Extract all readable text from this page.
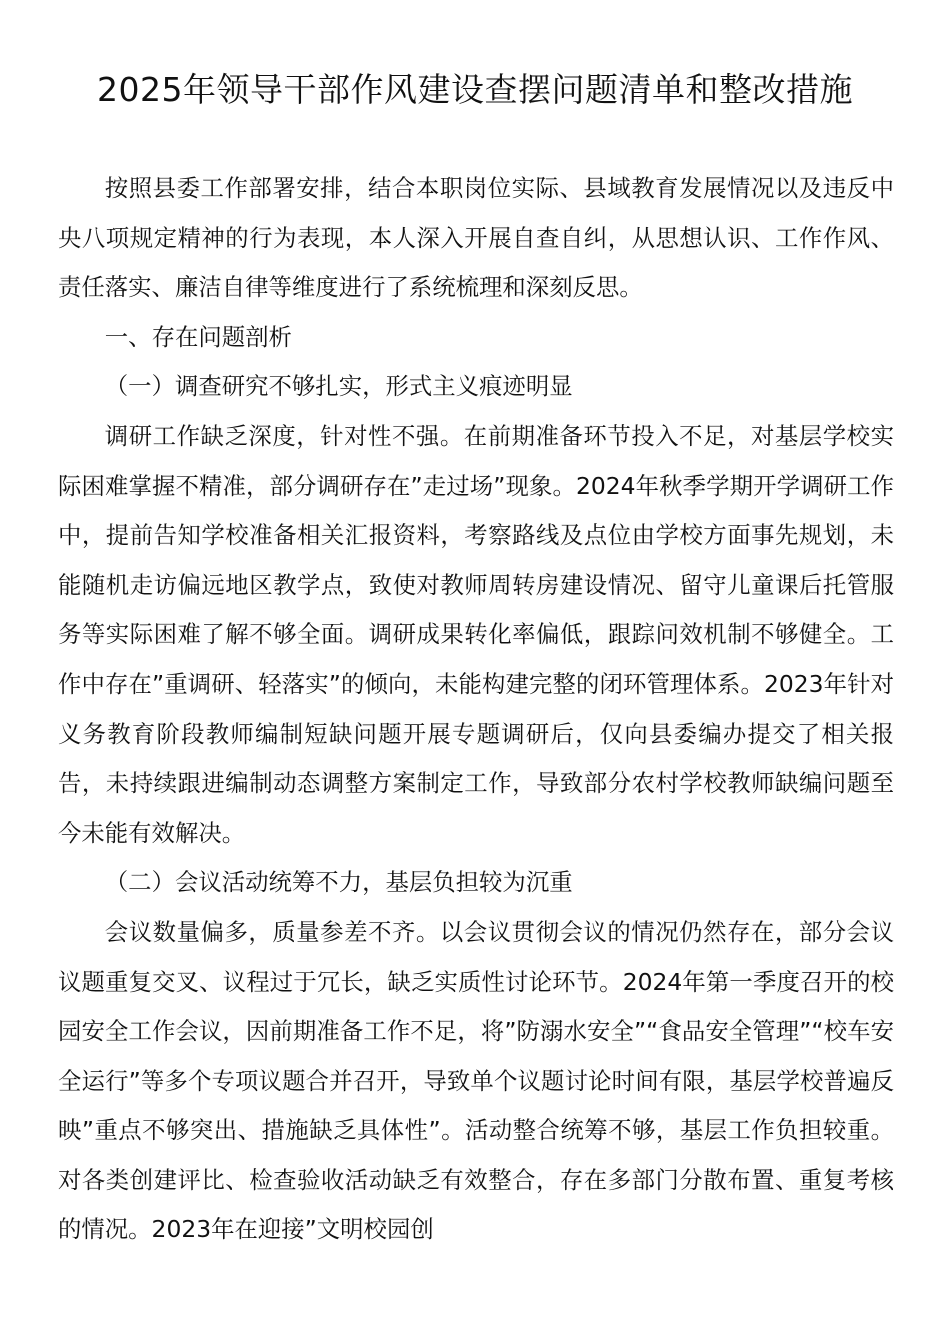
2025年领导干部作风建设查摆问题清单和整改措施

按照县委工作部署安排，结合本职岗位实际、县域教育发展情况以及违反中央八项规定精神的行为表现，本人深入开展自查自纠，从思想认识、工作作风、责任落实、廉洁自律等维度进行了系统梳理和深刻反思。

一、存在问题剖析

（一）调查研究不够扎实，形式主义痕迹明显

调研工作缺乏深度，针对性不强。在前期准备环节投入不足，对基层学校实际困难掌握不精准，部分调研存在”走过场”现象。2024年秋季学期开学调研工作中，提前告知学校准备相关汇报资料，考察路线及点位由学校方面事先规划，未能随机走访偏远地区教学点，致使对教师周转房建设情况、留守儿童课后托管服务等实际困难了解不够全面。调研成果转化率偏低，跟踪问效机制不够健全。工作中存在”重调研、轻落实”的倾向，未能构建完整的闭环管理体系。2023年针对义务教育阶段教师编制短缺问题开展专题调研后，仅向县委编办提交了相关报告，未持续跟进编制动态调整方案制定工作，导致部分农村学校教师缺编问题至今未能有效解决。

（二）会议活动统筹不力，基层负担较为沉重

会议数量偏多，质量参差不齐。以会议贯彻会议的情况仍然存在，部分会议议题重复交叉、议程过于冗长，缺乏实质性讨论环节。2024年第一季度召开的校园安全工作会议，因前期准备工作不足，将”防溺水安全”“食品安全管理”“校车安全运行”等多个专项议题合并召开，导致单个议题讨论时间有限，基层学校普遍反映”重点不够突出、措施缺乏具体性”。活动整合统筹不够，基层工作负担较重。对各类创建评比、检查验收活动缺乏有效整合，存在多部门分散布置、重复考核的情况。2023年在迎接”文明校园创
